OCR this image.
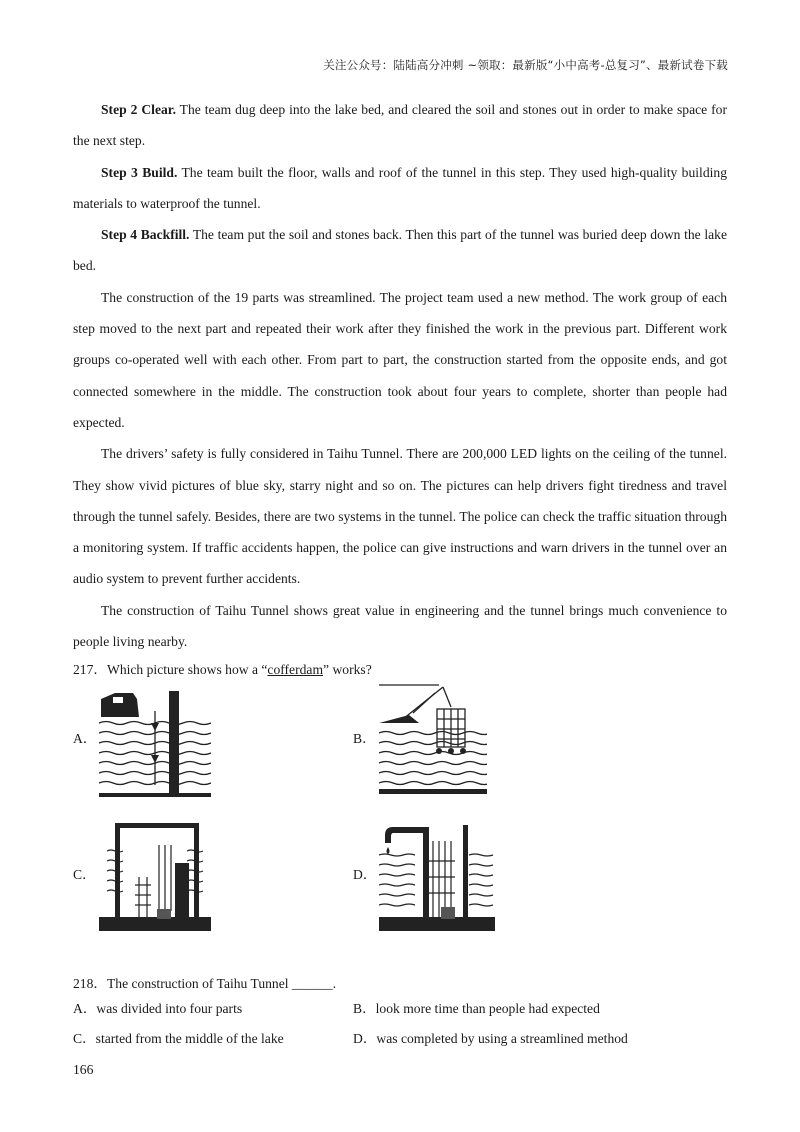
关注公众号：陆陆高分冲刺 ~领取：最新版“小中高考-总复习”、最新试卷下载

Step 2 Clear. The team dug deep into the lake bed, and cleared the soil and stones out in order to make space for the next step.

Step 3 Build. The team built the floor, walls and roof of the tunnel in this step. They used high-quality building materials to waterproof the tunnel.

Step 4 Backfill. The team put the soil and stones back. Then this part of the tunnel was buried deep down the lake bed.

The construction of the 19 parts was streamlined. The project team used a new method. The work group of each step moved to the next part and repeated their work after they finished the work in the previous part. Different work groups co-operated well with each other. From part to part, the construction started from the opposite ends, and got connected somewhere in the middle. The construction took about four years to complete, shorter than people had expected.

The drivers’ safety is fully considered in Taihu Tunnel. There are 200,000 LED lights on the ceiling of the tunnel. They show vivid pictures of blue sky, starry night and so on. The pictures can help drivers fight tiredness and travel through the tunnel safely. Besides, there are two systems in the tunnel. The police can check the traffic situation through a monitoring system. If traffic accidents happen, the police can give instructions and warn drivers in the tunnel over an audio system to prevent further accidents.

The construction of Taihu Tunnel shows great value in engineering and the tunnel brings much convenience to people living nearby.

217．Which picture shows how a “cofferdam” works?

A．	B．
C．	D．

218．The construction of Taihu Tunnel ______.

A．was divided into four parts	B．look more time than people had expected
C．started from the middle of the lake	D．was completed by using a streamlined method
166
